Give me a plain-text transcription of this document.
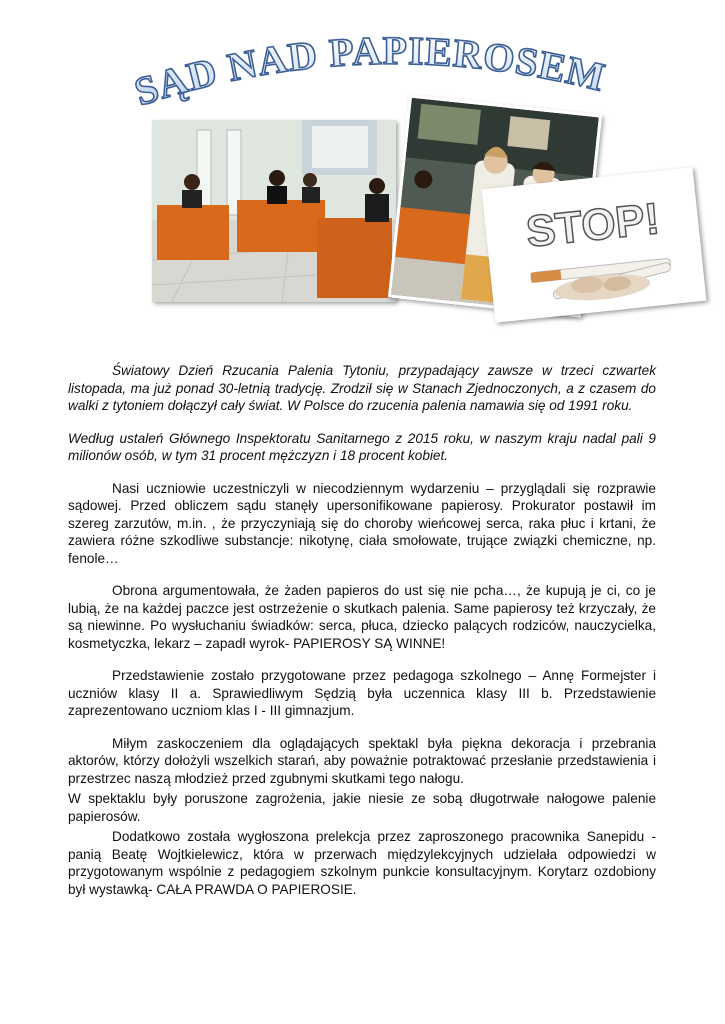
SĄD NAD PAPIEROSEM
STOP!

Światowy Dzień Rzucania Palenia Tytoniu, przypadający zawsze w trzeci czwartek listopada, ma już ponad 30-letnią tradycję. Zrodził się w Stanach Zjednoczonych, a z czasem do walki z tytoniem dołączył cały świat. W Polsce do rzucenia palenia namawia się od 1991 roku.

Według ustaleń Głównego Inspektoratu Sanitarnego z 2015 roku, w naszym kraju nadal pali 9 milionów osób, w tym 31 procent mężczyzn i 18 procent kobiet.

Nasi uczniowie uczestniczyli w niecodziennym wydarzeniu – przyglądali się rozprawie sądowej. Przed obliczem sądu stanęły upersonifikowane papierosy. Prokurator postawił im szereg zarzutów, m.in. , że przyczyniają się do choroby wieńcowej serca, raka płuc i krtani, że zawiera różne szkodliwe substancje: nikotynę, ciała smołowate, trujące związki chemiczne, np. fenole…

Obrona argumentowała, że żaden papieros do ust się nie pcha…, że kupują je ci, co je lubią, że na każdej paczce jest ostrzeżenie o skutkach palenia. Same papierosy też krzyczały, że są niewinne. Po wysłuchaniu świadków: serca, płuca, dziecko palących rodziców, nauczycielka, kosmetyczka, lekarz – zapadł wyrok- PAPIEROSY SĄ WINNE!

Przedstawienie zostało przygotowane przez pedagoga szkolnego – Annę Formejster i uczniów klasy II a. Sprawiedliwym Sędzią była uczennica klasy III b. Przedstawienie zaprezentowano uczniom klas I - III gimnazjum.

Miłym zaskoczeniem dla oglądających spektakl była piękna dekoracja i przebrania aktorów, którzy dołożyli wszelkich starań, aby poważnie potraktować przesłanie przedstawienia i przestrzec naszą młodzież przed zgubnymi skutkami tego nałogu.

W spektaklu były poruszone zagrożenia, jakie niesie ze sobą długotrwałe nałogowe palenie papierosów.

Dodatkowo została wygłoszona prelekcja przez zaproszonego pracownika Sanepidu - panią Beatę Wojtkielewicz, która w przerwach międzylekcyjnych udzielała odpowiedzi w przygotowanym wspólnie z pedagogiem szkolnym punkcie konsultacyjnym. Korytarz ozdobiony był wystawką- CAŁA PRAWDA O PAPIEROSIE.
